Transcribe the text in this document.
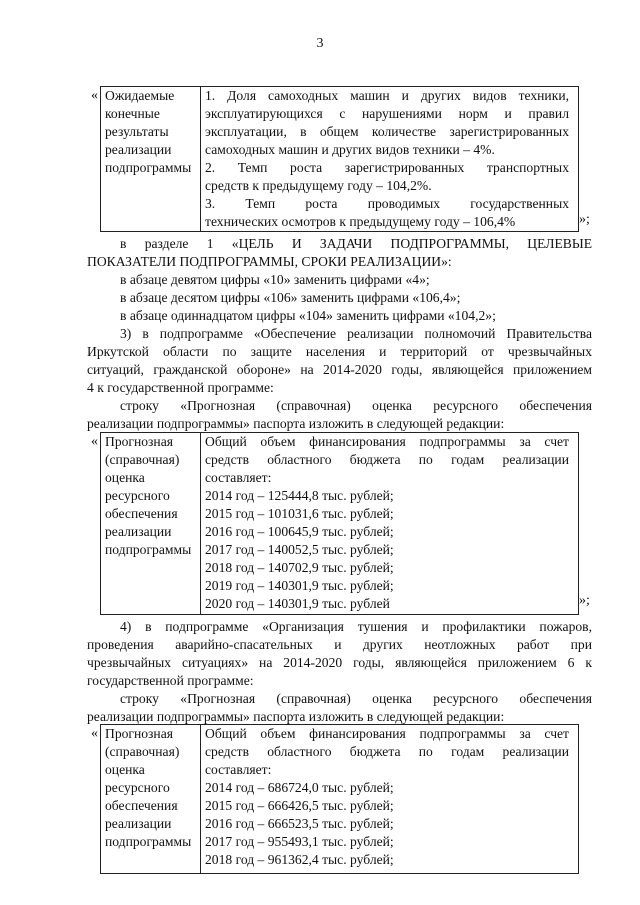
3
« Ожидаемые
конечные
результаты
реализации
подпрограммы
1. Доля самоходных машин и других видов техники,
эксплуатирующихся с нарушениями норм и правил
эксплуатации, в общем количестве зарегистрированных
самоходных машин и других видов техники – 4%.
2. Темп роста зарегистрированных транспортных
средств к предыдущему году – 104,2%.
3. Темп роста проводимых государственных
технических осмотров к предыдущему году – 106,4%	»;
в разделе 1 «ЦЕЛЬ И ЗАДАЧИ ПОДПРОГРАММЫ, ЦЕЛЕВЫЕ
ПОКАЗАТЕЛИ ПОДПРОГРАММЫ, СРОКИ РЕАЛИЗАЦИИ»:
в абзаце девятом цифры «10» заменить цифрами «4»;
в абзаце десятом цифры «106» заменить цифрами «106,4»;
в абзаце одиннадцатом цифры «104» заменить цифрами «104,2»;
3) в подпрограмме «Обеспечение реализации полномочий Правительства
Иркутской области по защите населения и территорий от чрезвычайных
ситуаций, гражданской обороне» на 2014-2020 годы, являющейся приложением
4 к государственной программе:
строку «Прогнозная (справочная) оценка ресурсного обеспечения
реализации подпрограммы» паспорта изложить в следующей редакции:
« Прогнозная
(справочная)
оценка
ресурсного
обеспечения
реализации
подпрограммы
Общий объем финансирования подпрограммы за счет
средств областного бюджета по годам реализации
составляет:
2014 год – 125444,8 тыс. рублей;
2015 год – 101031,6 тыс. рублей;
2016 год – 100645,9 тыс. рублей;
2017 год – 140052,5 тыс. рублей;
2018 год – 140702,9 тыс. рублей;
2019 год – 140301,9 тыс. рублей;
2020 год – 140301,9 тыс. рублей	»;
4) в подпрограмме «Организация тушения и профилактики пожаров,
проведения аварийно-спасательных и других неотложных работ при
чрезвычайных ситуациях» на 2014-2020 годы, являющейся приложением 6 к
государственной программе:
строку «Прогнозная (справочная) оценка ресурсного обеспечения
реализации подпрограммы» паспорта изложить в следующей редакции:
« Прогнозная
(справочная)
оценка
ресурсного
обеспечения
реализации
подпрограммы
Общий объем финансирования подпрограммы за счет
средств областного бюджета по годам реализации
составляет:
2014 год – 686724,0 тыс. рублей;
2015 год – 666426,5 тыс. рублей;
2016 год – 666523,5 тыс. рублей;
2017 год – 955493,1 тыс. рублей;
2018 год – 961362,4 тыс. рублей;
